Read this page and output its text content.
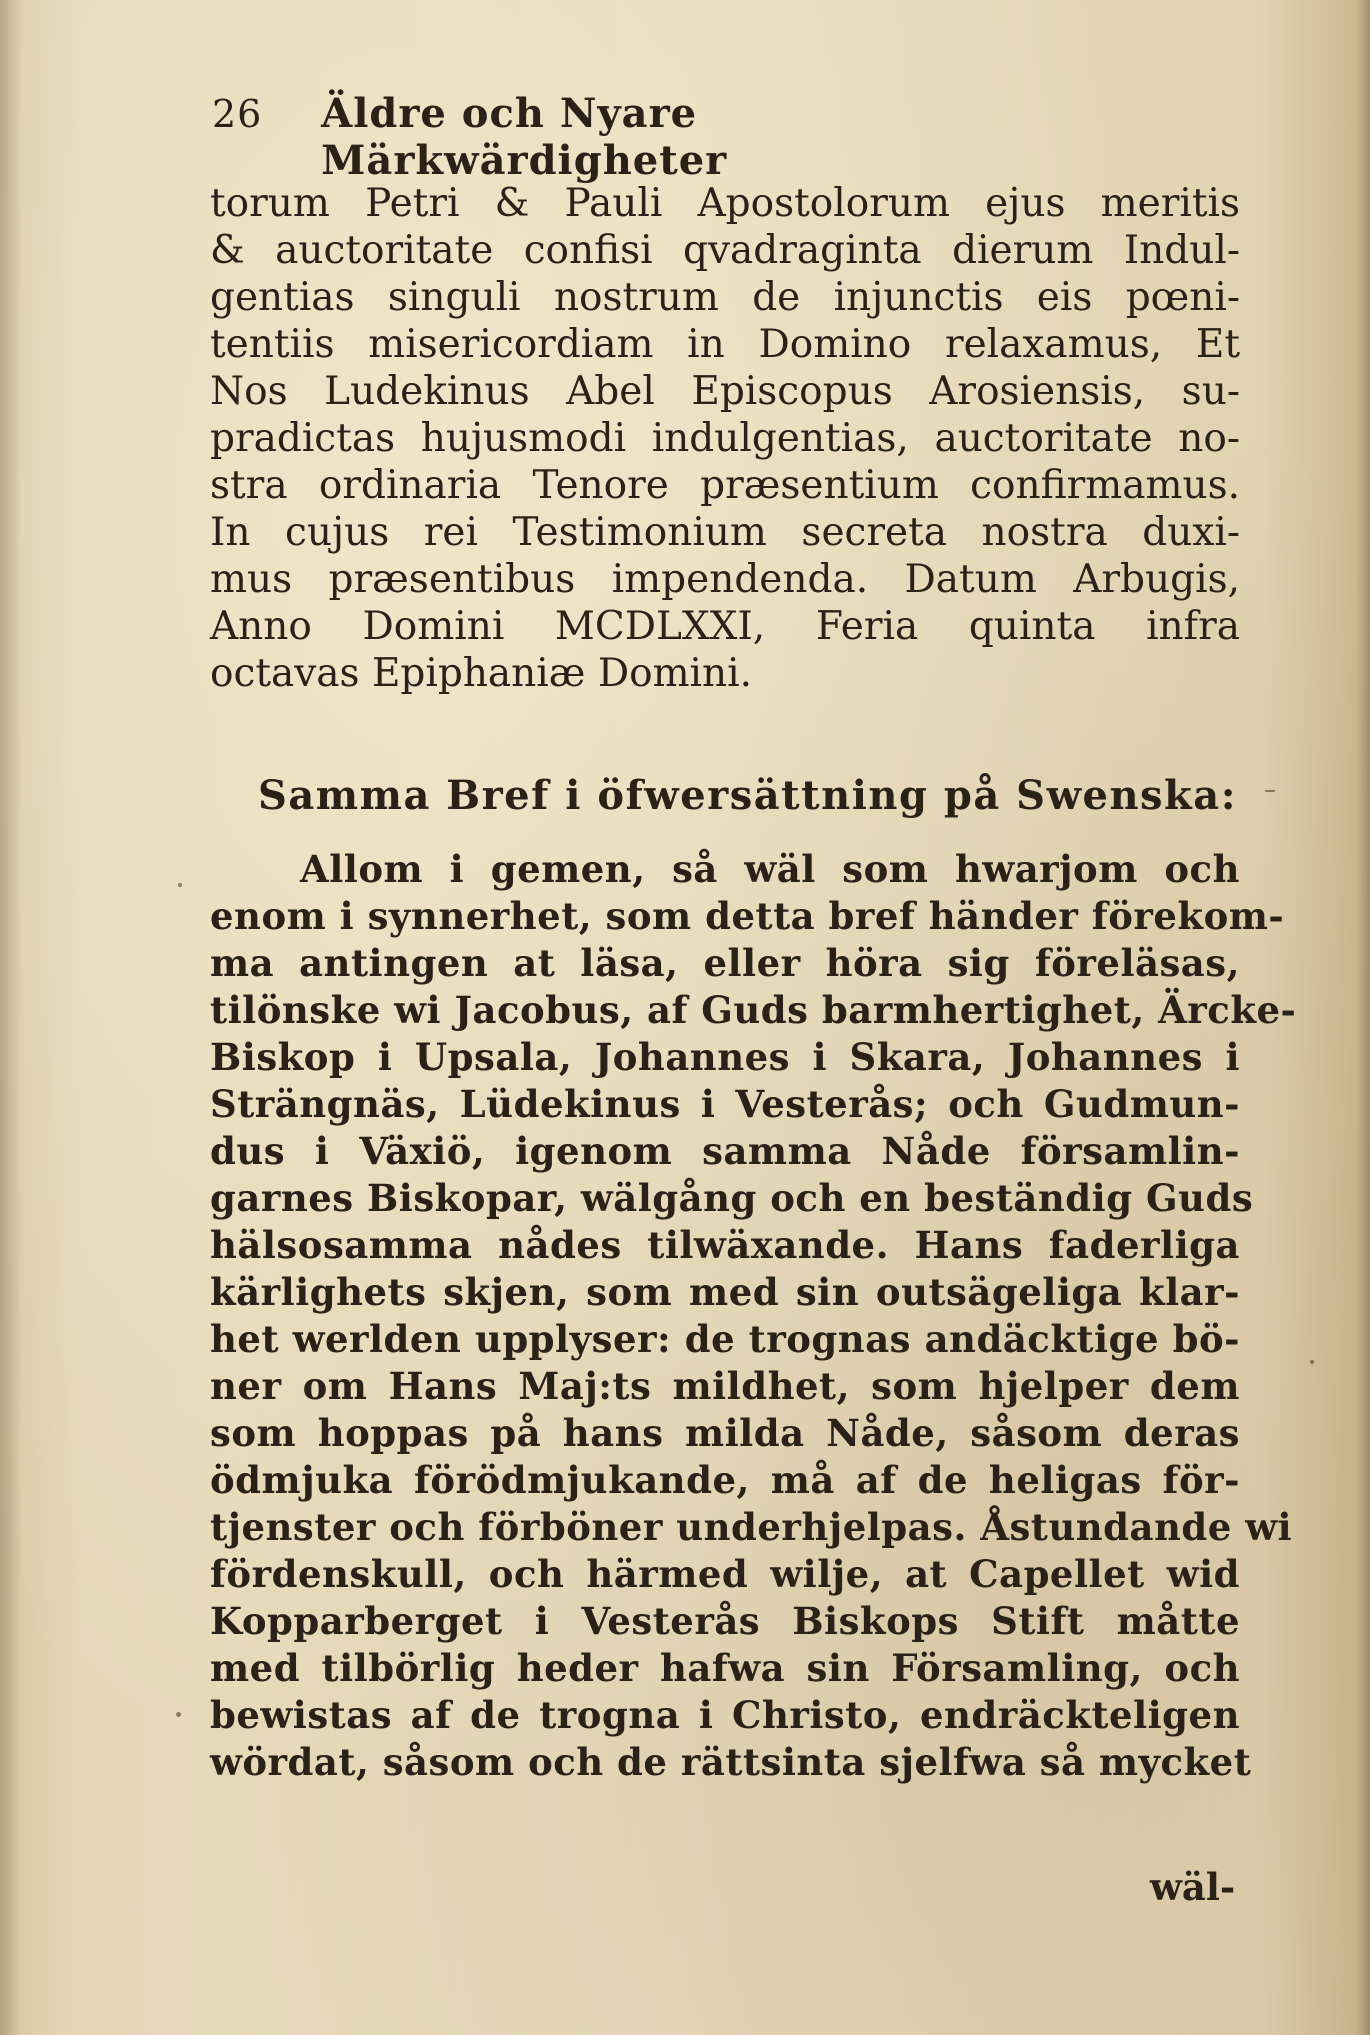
26	Äldre och Nyare Märkwärdigheter
torum Petri & Pauli Apostolorum ejus meritis
& auctoritate confisi qvadraginta dierum Indul-
gentias singuli nostrum de injunctis eis pœni-
tentiis misericordiam in Domino relaxamus, Et
Nos Ludekinus Abel Episcopus Arosiensis, su-
pradictas hujusmodi indulgentias, auctoritate no-
stra ordinaria Tenore præsentium confirmamus.
In cujus rei Testimonium secreta nostra duxi-
mus præsentibus impendenda. Datum Arbugis,
Anno Domini MCDLXXI, Feria quinta infra
octavas Epiphaniæ Domini.
Samma Bref i öfwersättning på Swenska:
Allom i gemen, så wäl som hwarjom och
enom i synnerhet, som detta bref händer förekom-
ma antingen at läsa, eller höra sig föreläsas,
tilönske wi Jacobus, af Guds barmhertighet, Ärcke-
Biskop i Upsala, Johannes i Skara, Johannes i
Strängnäs, Lüdekinus i Vesterås; och Gudmun-
dus i Växiö, igenom samma Nåde församlin-
garnes Biskopar, wälgång och en beständig Guds
hälsosamma nådes tilwäxande. Hans faderliga
kärlighets skjen, som med sin outsägeliga klar-
het werlden upplyser: de trognas andäcktige bö-
ner om Hans Maj:ts mildhet, som hjelper dem
som hoppas på hans milda Nåde, såsom deras
ödmjuka förödmjukande, må af de heligas för-
tjenster och förböner underhjelpas. Åstundande wi
fördenskull, och härmed wilje, at Capellet wid
Kopparberget i Vesterås Biskops Stift måtte
med tilbörlig heder hafwa sin Församling, och
bewistas af de trogna i Christo, endräckteligen
wördat, såsom och de rättsinta sjelfwa så mycket
wäl-
